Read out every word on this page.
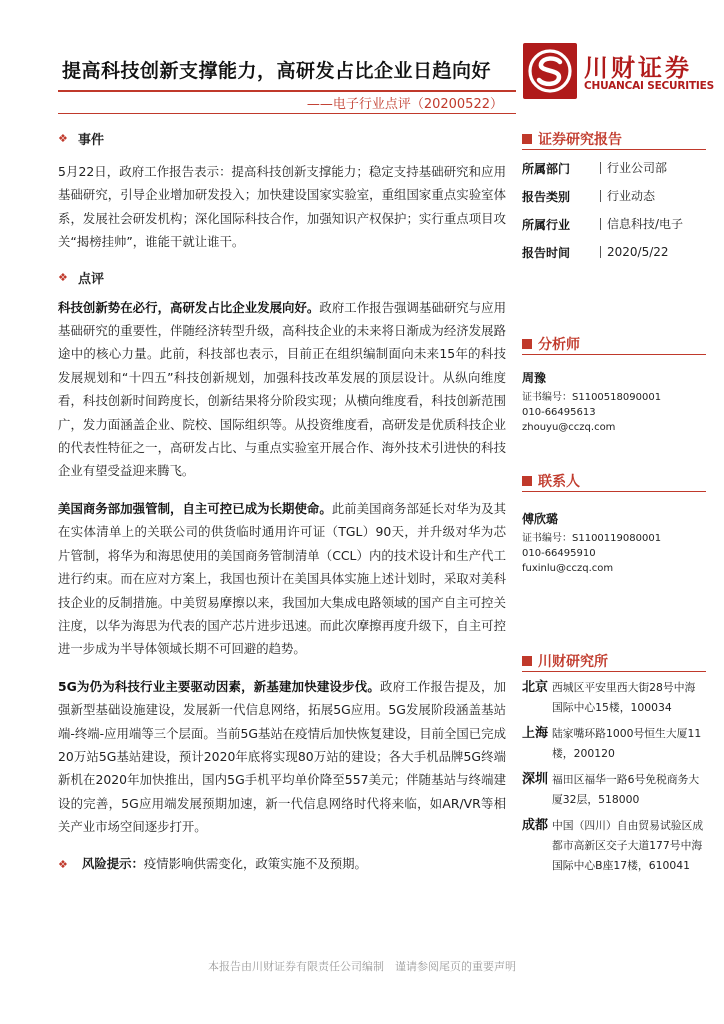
提高科技创新支撑能力，高研发占比企业日趋向好
——电子行业点评（20200522）
川财证券
CHUANCAI SECURITIES
❖ 事件

5月22日，政府工作报告表示：提高科技创新支撑能力；稳定支持基础研究和应用基础研究，引导企业增加研发投入；加快建设国家实验室，重组国家重点实验室体系，发展社会研发机构；深化国际科技合作，加强知识产权保护；实行重点项目攻关“揭榜挂帅”，谁能干就让谁干。

❖ 点评

科技创新势在必行，高研发占比企业发展向好。政府工作报告强调基础研究与应用基础研究的重要性，伴随经济转型升级，高科技企业的未来将日渐成为经济发展路途中的核心力量。此前，科技部也表示，目前正在组织编制面向未来15年的科技发展规划和“十四五”科技创新规划，加强科技改革发展的顶层设计。从纵向维度看，科技创新时间跨度长，创新结果将分阶段实现；从横向维度看，科技创新范围广，发力面涵盖企业、院校、国际组织等。从投资维度看，高研发是优质科技企业的代表性特征之一，高研发占比、与重点实验室开展合作、海外技术引进快的科技企业有望受益迎来腾飞。

美国商务部加强管制，自主可控已成为长期使命。此前美国商务部延长对华为及其在实体清单上的关联公司的供货临时通用许可证（TGL）90天，并升级对华为芯片管制，将华为和海思使用的美国商务管制清单（CCL）内的技术设计和生产代工进行约束。而在应对方案上，我国也预计在美国具体实施上述计划时，采取对美科技企业的反制措施。中美贸易摩擦以来，我国加大集成电路领域的国产自主可控关注度，以华为海思为代表的国产芯片进步迅速。而此次摩擦再度升级下，自主可控进一步成为半导体领域长期不可回避的趋势。

5G为仍为科技行业主要驱动因素，新基建加快建设步伐。政府工作报告提及，加强新型基础设施建设，发展新一代信息网络，拓展5G应用。5G发展阶段涵盖基站端-终端-应用端等三个层面。当前5G基站在疫情后加快恢复建设，目前全国已完成20万站5G基站建设，预计2020年底将实现80万站的建设；各大手机品牌5G终端新机在2020年加快推出，国内5G手机平均单价降至557美元；伴随基站与终端建设的完善，5G应用端发展预期加速，新一代信息网络时代将来临，如AR/VR等相关产业市场空间逐步打开。

❖ 风险提示：疫情影响供需变化，政策实施不及预期。
证券研究报告
所属部门	行业公司部
报告类别	行业动态
所属行业	信息科技/电子
报告时间	2020/5/22
分析师
周豫
证书编号：S1100518090001
010-66495613
zhouyu@cczq.com
联系人
傅欣璐
证书编号：S1100119080001
010-66495910
fuxinlu@cczq.com
川财研究所
北京 西城区平安里西大街28号中海国际中心15楼，100034
上海 陆家嘴环路1000号恒生大厦11楼，200120
深圳 福田区福华一路6号免税商务大厦32层，518000
成都 中国（四川）自由贸易试验区成都市高新区交子大道177号中海国际中心B座17楼，610041
本报告由川财证券有限责任公司编制　谨请参阅尾页的重要声明
